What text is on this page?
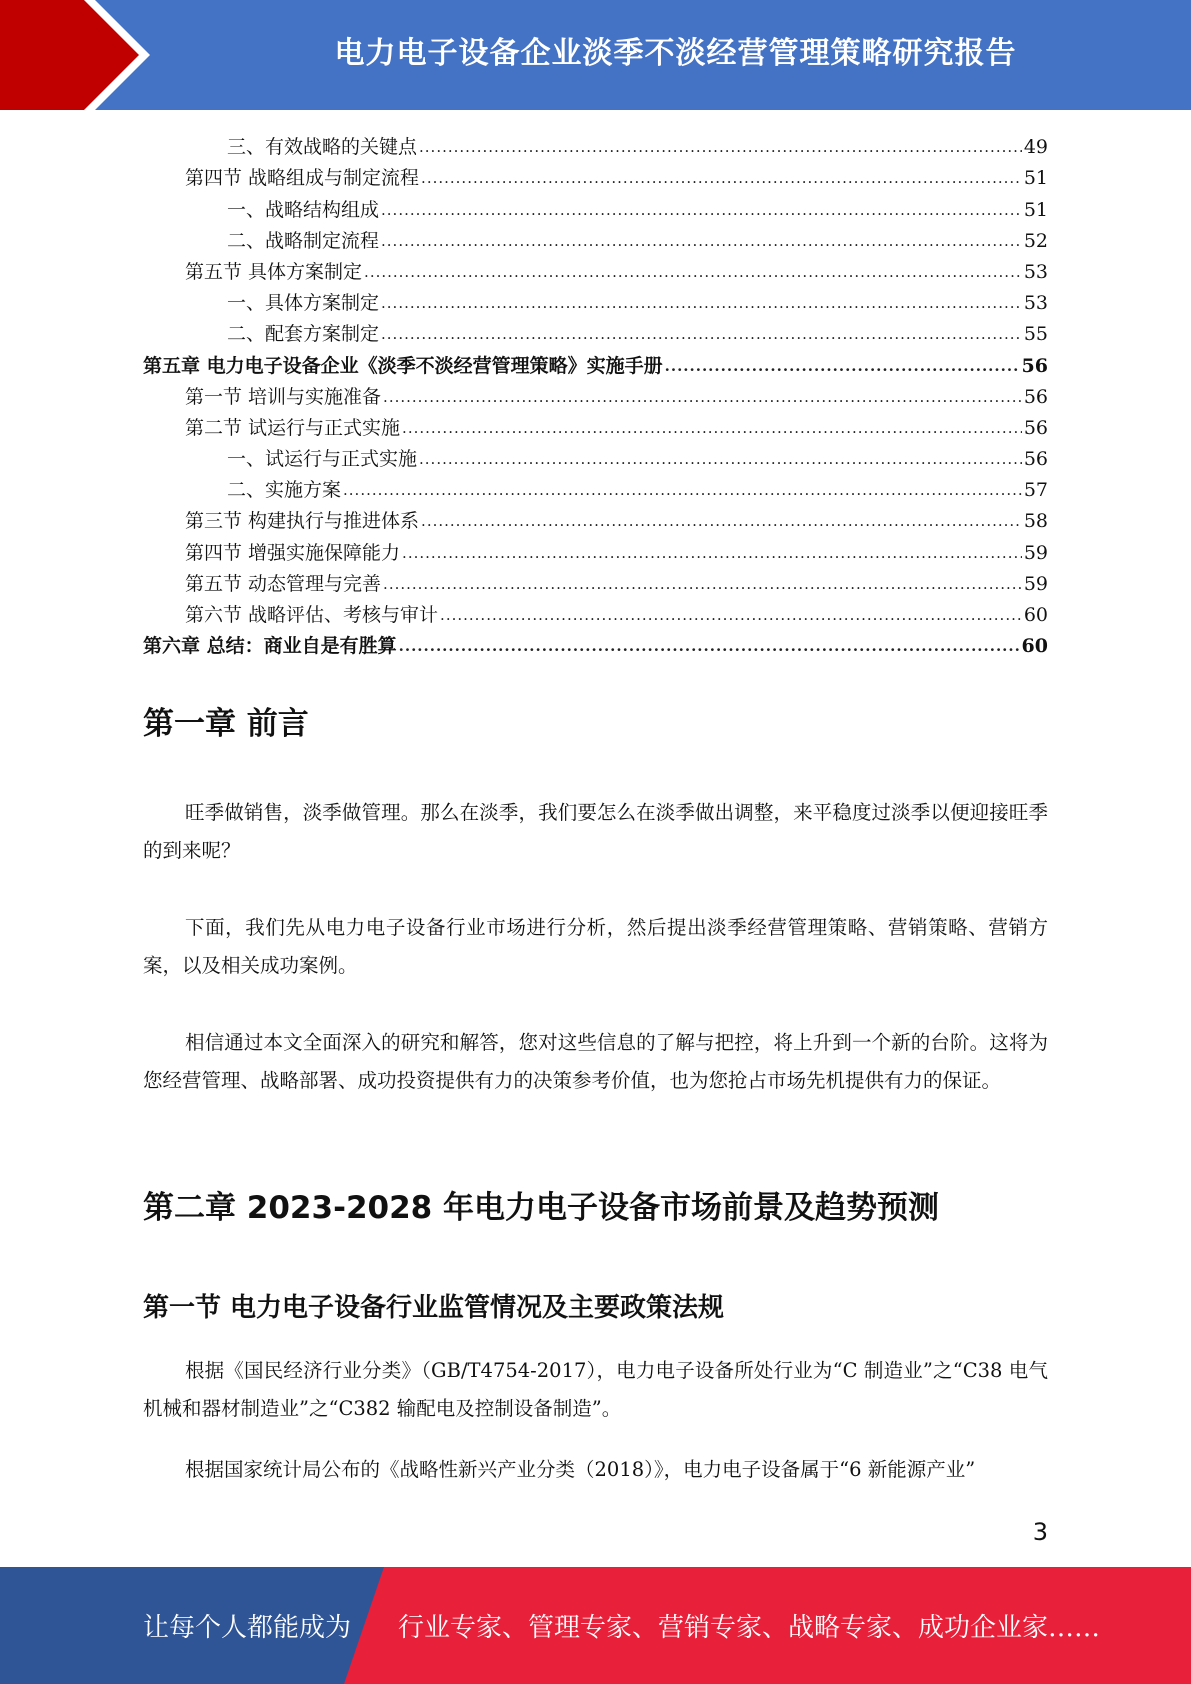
电力电子设备企业淡季不淡经营管理策略研究报告
三、有效战略的关键点 .....	49
第四节 战略组成与制定流程 .....	51
一、战略结构组成 .....	51
二、战略制定流程 .....	52
第五节 具体方案制定 .....	53
一、具体方案制定 .....	53
二、配套方案制定 .....	55
第五章 电力电子设备企业《淡季不淡经营管理策略》实施手册 .....	56
第一节 培训与实施准备 .....	56
第二节 试运行与正式实施 .....	56
一、试运行与正式实施 .....	56
二、实施方案 .....	57
第三节 构建执行与推进体系 .....	58
第四节 增强实施保障能力 .....	59
第五节 动态管理与完善 .....	59
第六节 战略评估、考核与审计 .....	60
第六章 总结：商业自是有胜算 .....	60
第一章 前言

旺季做销售，淡季做管理。那么在淡季，我们要怎么在淡季做出调整，来平稳度过淡季以便迎接旺季的到来呢？

下面，我们先从电力电子设备行业市场进行分析，然后提出淡季经营管理策略、营销策略、营销方案，以及相关成功案例。

相信通过本文全面深入的研究和解答，您对这些信息的了解与把控，将上升到一个新的台阶。这将为您经营管理、战略部署、成功投资提供有力的决策参考价值，也为您抢占市场先机提供有力的保证。

第二章 2023-2028 年电力电子设备市场前景及趋势预测
第一节 电力电子设备行业监管情况及主要政策法规

根据《国民经济行业分类》（GB/T4754-2017），电力电子设备所处行业为“C 制造业”之“C38 电气机械和器材制造业”之“C382 输配电及控制设备制造”。

根据国家统计局公布的《战略性新兴产业分类（2018）》，电力电子设备属于“6 新能源产业”

3
让每个人都能成为 行业专家、管理专家、营销专家、战略专家、成功企业家……
